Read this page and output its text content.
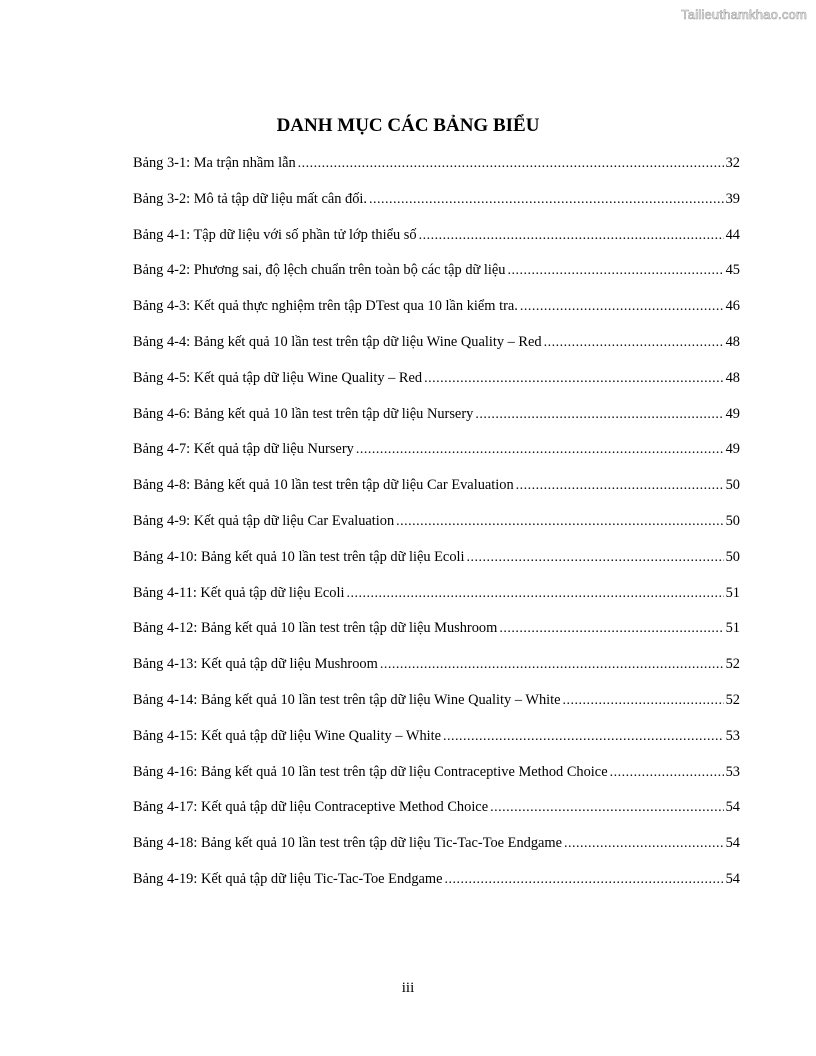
Tailieuthamkhao.com
DANH MỤC CÁC BẢNG BIỂU
Bảng 3-1: Ma trận nhầm lẫn .....	32
Bảng 3-2: Mô tả tập dữ liệu mất cân đối. .....	39
Bảng 4-1: Tập dữ liệu với số phần tử lớp thiểu số .....	44
Bảng 4-2: Phương sai, độ lệch chuẩn trên toàn bộ các tập dữ liệu .....	45
Bảng 4-3: Kết quả thực nghiệm trên tập DTest qua 10 lần kiểm tra. .....	46
Bảng 4-4: Bảng kết quả 10 lần test trên tập dữ liệu Wine Quality – Red .....	48
Bảng 4-5: Kết quả tập dữ liệu Wine Quality – Red .....	48
Bảng 4-6: Bảng kết quả 10 lần test trên tập dữ liệu Nursery .....	49
Bảng 4-7: Kết quả tập dữ liệu Nursery .....	49
Bảng 4-8: Bảng kết quả 10 lần test trên tập dữ liệu Car Evaluation .....	50
Bảng 4-9: Kết quả tập dữ liệu Car Evaluation .....	50
Bảng 4-10: Bảng kết quả 10 lần test trên tập dữ liệu Ecoli .....	50
Bảng 4-11: Kết quả tập dữ liệu Ecoli .....	51
Bảng 4-12: Bảng kết quả 10 lần test trên tập dữ liệu Mushroom .....	51
Bảng 4-13: Kết quả tập dữ liệu Mushroom .....	52
Bảng 4-14: Bảng kết quả 10 lần test trên tập dữ liệu Wine Quality – White .....	52
Bảng 4-15: Kết quả tập dữ liệu Wine Quality – White .....	53
Bảng 4-16: Bảng kết quả 10 lần test trên tập dữ liệu Contraceptive Method Choice .....	53
Bảng 4-17: Kết quả tập dữ liệu Contraceptive Method Choice .....	54
Bảng 4-18: Bảng kết quả 10 lần test trên tập dữ liệu Tic-Tac-Toe Endgame .....	54
Bảng 4-19: Kết quả tập dữ liệu Tic-Tac-Toe Endgame .....	54
iii
